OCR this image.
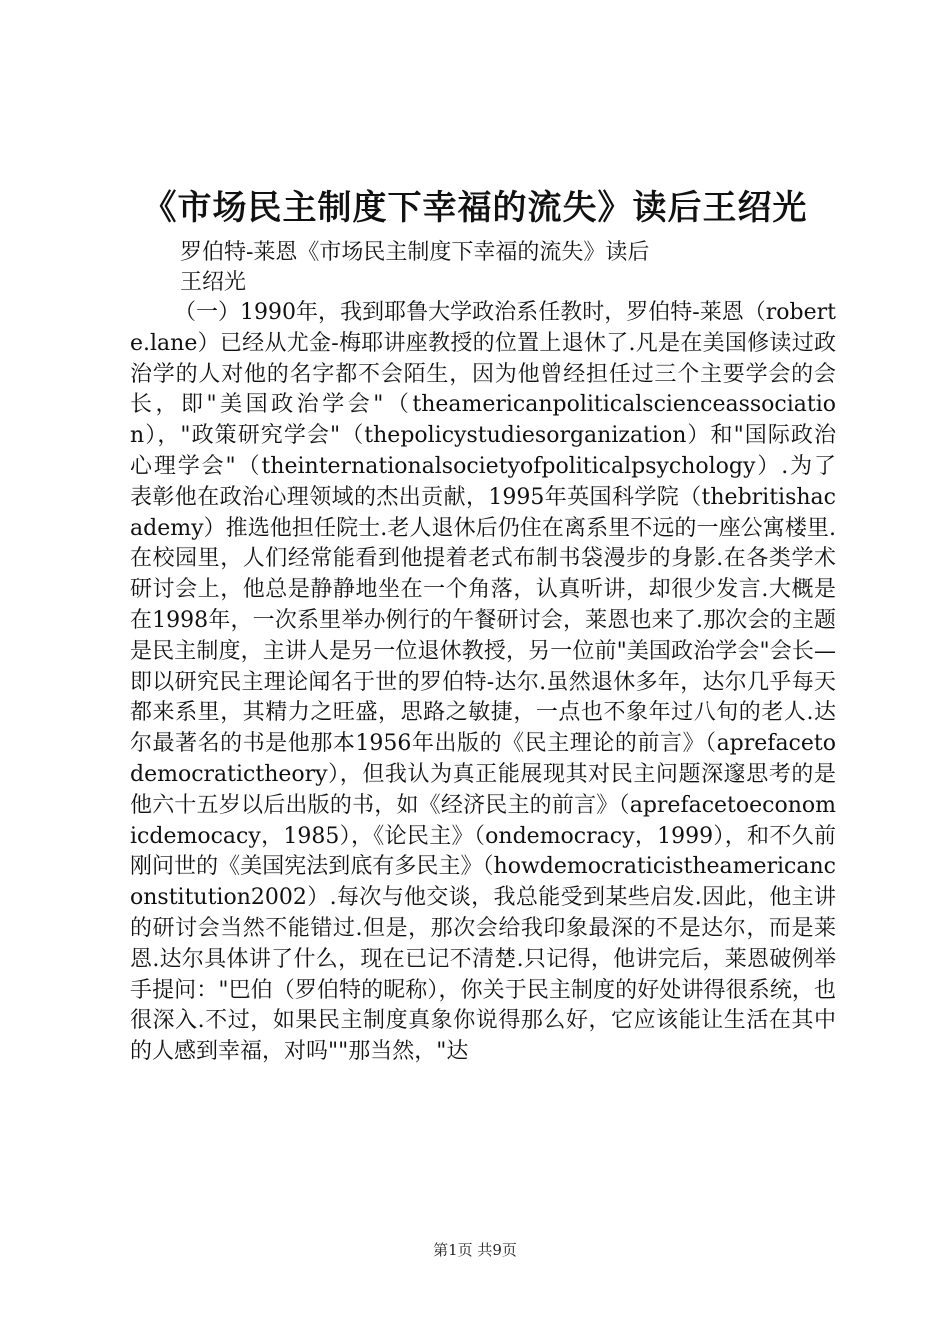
《市场民主制度下幸福的流失》读后王绍光

罗伯特-莱恩《市场民主制度下幸福的流失》读后

王绍光

（一）1990年，我到耶鲁大学政治系任教时，罗伯特-莱恩（roberte.lane）已经从尤金-梅耶讲座教授的位置上退休了.凡是在美国修读过政治学的人对他的名字都不会陌生，因为他曾经担任过三个主要学会的会长，即"美国政治学会"（theamericanpoliticalscienceassociation），"政策研究学会"（thepolicystudiesorganization）和"国际政治心理学会"（theinternationalsocietyofpoliticalpsychology）.为了表彰他在政治心理领域的杰出贡献，1995年英国科学院（thebritishacademy）推选他担任院士.老人退休后仍住在离系里不远的一座公寓楼里.在校园里，人们经常能看到他提着老式布制书袋漫步的身影.在各类学术研讨会上，他总是静静地坐在一个角落，认真听讲，却很少发言.大概是在1998年，一次系里举办例行的午餐研讨会，莱恩也来了.那次会的主题是民主制度，主讲人是另一位退休教授，另一位前"美国政治学会"会长—即以研究民主理论闻名于世的罗伯特-达尔.虽然退休多年，达尔几乎每天都来系里，其精力之旺盛，思路之敏捷，一点也不象年过八旬的老人.达尔最著名的书是他那本1956年出版的《民主理论的前言》（aprefacetodemocratictheory），但我认为真正能展现其对民主问题深邃思考的是他六十五岁以后出版的书，如《经济民主的前言》（aprefacetoeconomicdemocacy，1985），《论民主》（ondemocracy，1999），和不久前刚问世的《美国宪法到底有多民主》（howdemocraticistheamericanconstitution2002）.每次与他交谈，我总能受到某些启发.因此，他主讲的研讨会当然不能错过.但是，那次会给我印象最深的不是达尔，而是莱恩.达尔具体讲了什么，现在已记不清楚.只记得，他讲完后，莱恩破例举手提问："巴伯（罗伯特的昵称），你关于民主制度的好处讲得很系统，也很深入.不过，如果民主制度真象你说得那么好，它应该能让生活在其中的人感到幸福，对吗""那当然，"达

第1页 共9页
